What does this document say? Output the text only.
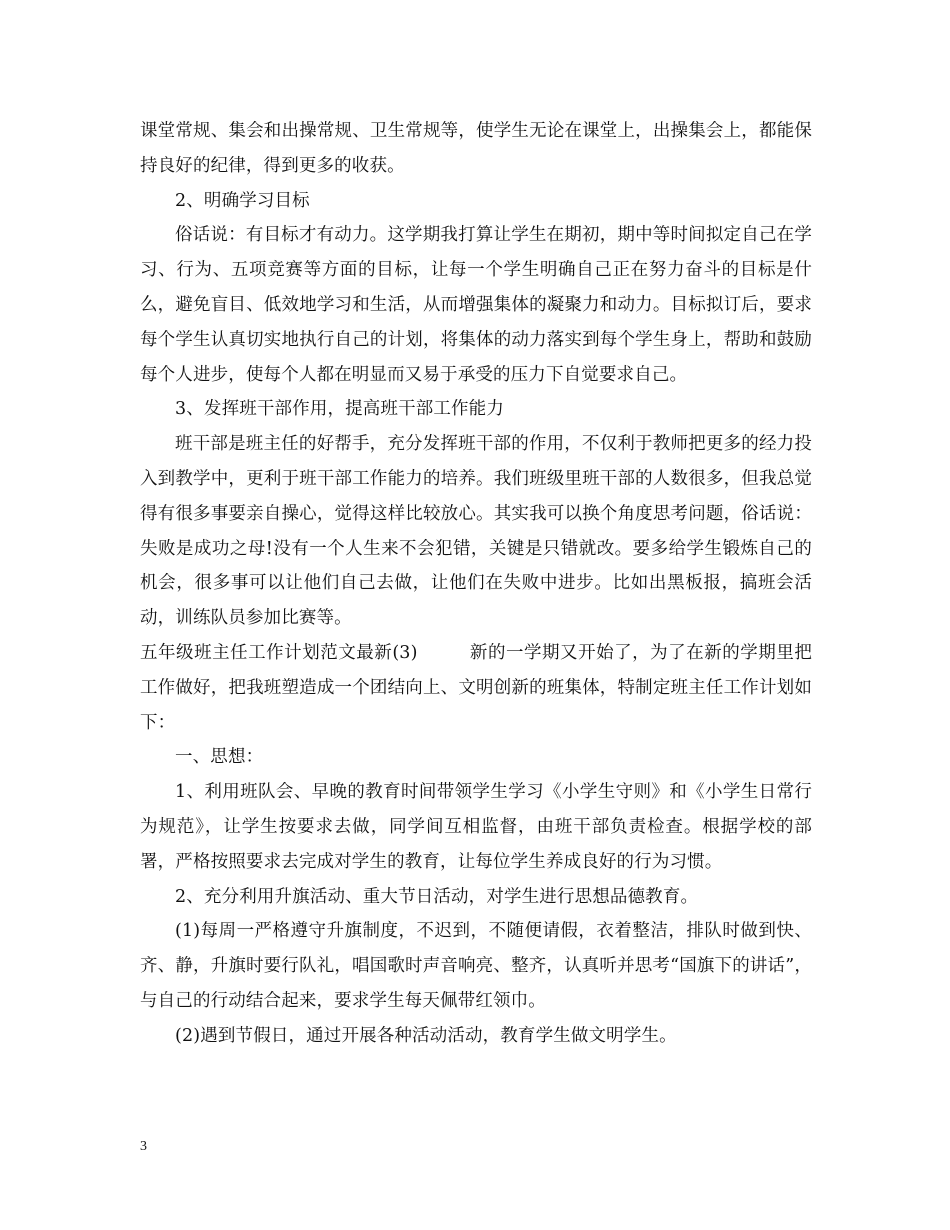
课堂常规、集会和出操常规、卫生常规等，使学生无论在课堂上，出操集会上，都能保持良好的纪律，得到更多的收获。

2、明确学习目标

俗话说：有目标才有动力。这学期我打算让学生在期初，期中等时间拟定自己在学习、行为、五项竞赛等方面的目标，让每一个学生明确自己正在努力奋斗的目标是什么，避免盲目、低效地学习和生活，从而增强集体的凝聚力和动力。目标拟订后，要求每个学生认真切实地执行自己的计划，将集体的动力落实到每个学生身上，帮助和鼓励每个人进步，使每个人都在明显而又易于承受的压力下自觉要求自己。

3、发挥班干部作用，提高班干部工作能力

班干部是班主任的好帮手，充分发挥班干部的作用，不仅利于教师把更多的经力投入到教学中，更利于班干部工作能力的培养。我们班级里班干部的人数很多，但我总觉得有很多事要亲自操心，觉得这样比较放心。其实我可以换个角度思考问题，俗话说：失败是成功之母!没有一个人生来不会犯错，关键是只错就改。要多给学生锻炼自己的机会，很多事可以让他们自己去做，让他们在失败中进步。比如出黑板报，搞班会活动，训练队员参加比赛等。

五年级班主任工作计划范文最新(3)	新的一学期又开始了，为了在新的学期里把工作做好，把我班塑造成一个团结向上、文明创新的班集体，特制定班主任工作计划如下：

一、思想：

1、利用班队会、早晚的教育时间带领学生学习《小学生守则》和《小学生日常行为规范》，让学生按要求去做，同学间互相监督，由班干部负责检查。根据学校的部署，严格按照要求去完成对学生的教育，让每位学生养成良好的行为习惯。

2、充分利用升旗活动、重大节日活动，对学生进行思想品德教育。

(1)每周一严格遵守升旗制度，不迟到，不随便请假，衣着整洁，排队时做到快、齐、静，升旗时要行队礼，唱国歌时声音响亮、整齐，认真听并思考“国旗下的讲话”，与自己的行动结合起来，要求学生每天佩带红领巾。

(2)遇到节假日，通过开展各种活动活动，教育学生做文明学生。

3
